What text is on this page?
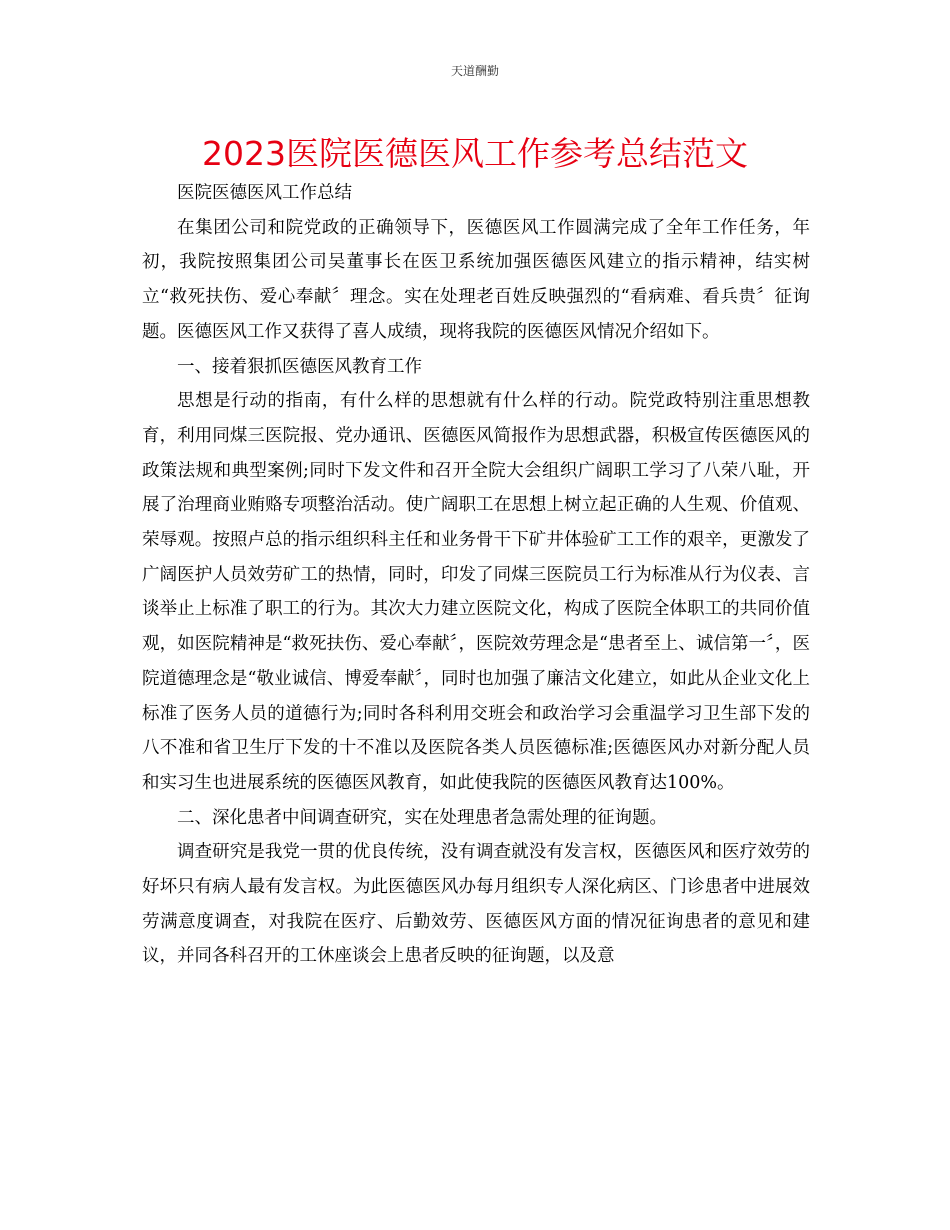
天道酬勤
2023医院医德医风工作参考总结范文

医院医德医风工作总结

在集团公司和院党政的正确领导下，医德医风工作圆满完成了全年工作任务，年初，我院按照集团公司吴董事长在医卫系统加强医德医风建立的指示精神，结实树立“救死扶伤、爱心奉献〞理念。实在处理老百姓反映强烈的“看病难、看兵贵〞征询题。医德医风工作又获得了喜人成绩，现将我院的医德医风情况介绍如下。

一、接着狠抓医德医风教育工作

思想是行动的指南，有什么样的思想就有什么样的行动。院党政特别注重思想教育，利用同煤三医院报、党办通讯、医德医风简报作为思想武器，积极宣传医德医风的政策法规和典型案例;同时下发文件和召开全院大会组织广阔职工学习了八荣八耻，开展了治理商业贿赂专项整治活动。使广阔职工在思想上树立起正确的人生观、价值观、荣辱观。按照卢总的指示组织科主任和业务骨干下矿井体验矿工工作的艰辛，更激发了广阔医护人员效劳矿工的热情，同时，印发了同煤三医院员工行为标准从行为仪表、言谈举止上标准了职工的行为。其次大力建立医院文化，构成了医院全体职工的共同价值观，如医院精神是“救死扶伤、爱心奉献〞，医院效劳理念是“患者至上、诚信第一〞，医院道德理念是“敬业诚信、博爱奉献〞，同时也加强了廉洁文化建立，如此从企业文化上标准了医务人员的道德行为;同时各科利用交班会和政治学习会重温学习卫生部下发的八不准和省卫生厅下发的十不准以及医院各类人员医德标准;医德医风办对新分配人员和实习生也进展系统的医德医风教育，如此使我院的医德医风教育达100%。

二、深化患者中间调查研究，实在处理患者急需处理的征询题。

调查研究是我党一贯的优良传统，没有调查就没有发言权，医德医风和医疗效劳的好坏只有病人最有发言权。为此医德医风办每月组织专人深化病区、门诊患者中进展效劳满意度调查，对我院在医疗、后勤效劳、医德医风方面的情况征询患者的意见和建议，并同各科召开的工休座谈会上患者反映的征询题，以及意
